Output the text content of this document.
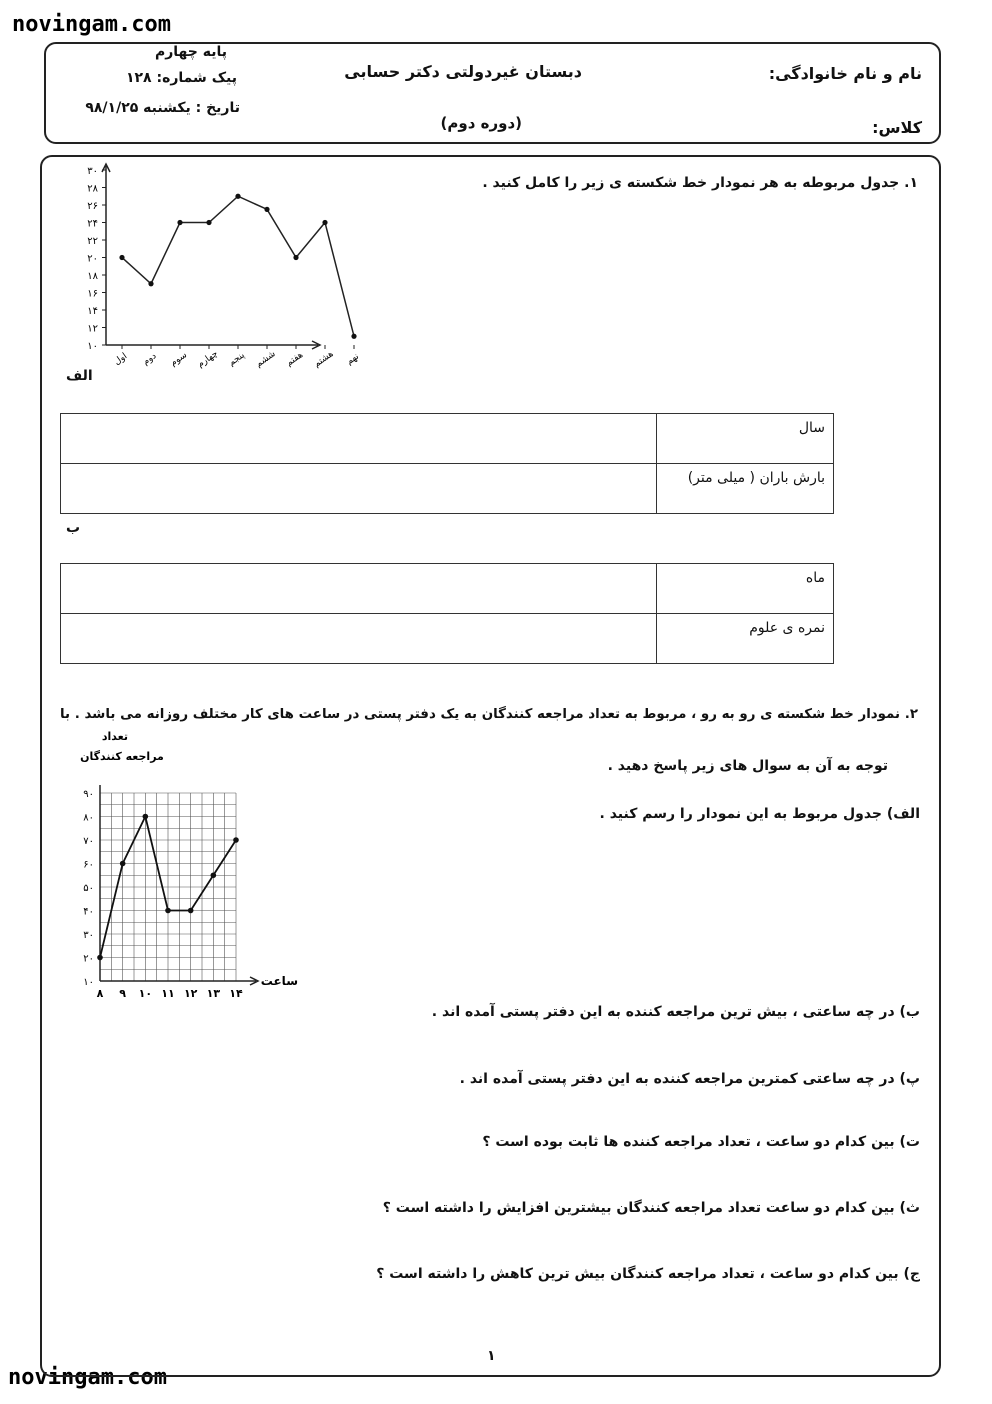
novingam.com
novingam.com
پایه چهارم
پیک شماره: ۱۲۸
تاریخ : یکشنبه ۹۸/۱/۲۵
دبستان غیردولتی دکتر حسابی
(دوره دوم)
نام و نام خانوادگی:
کلاس:
۱. جدول مربوطه به هر نمودار خط شکسته ی زیر را کامل کنید .
۱۰
۱۲
۱۴
۱۶
۱۸
۲۰
۲۲
۲۴
۲۶
۲۸
۳۰
اول دوم سوم چهارم پنجم ششم هفتم هشتم نهم
الف
سال	
بارش باران ( میلی متر)	
ب
ماه	
نمره ی علوم	
۲. نمودار خط شکسته ی رو به رو ، مربوط به تعداد مراجعه کنندگان به یک دفتر پستی در ساعت های کار مختلف روزانه می باشد . با
توجه به آن به سوال های زیر پاسخ دهید .
الف) جدول مربوط به این نمودار را رسم کنید .
تعداد
مراجعه کنندگان
ساعت
۱۰
۲۰
۳۰
۴۰
۵۰
۶۰
۷۰
۸۰
۹۰
۸ ۹ ۱۰ ۱۱ ۱۲ ۱۳ ۱۴
ب) در چه ساعتی ، بیش ترین مراجعه کننده به این دفتر پستی آمده اند .
پ) در چه ساعتی کمترین مراجعه کننده به این دفتر پستی آمده اند .
ت) بین کدام دو ساعت ، تعداد مراجعه کننده ها ثابت بوده است ؟
ث) بین کدام دو ساعت تعداد مراجعه کنندگان بیشترین افزایش را داشته است ؟
ج) بین کدام دو ساعت ، تعداد مراجعه کنندگان بیش ترین کاهش را داشته است ؟
۱
